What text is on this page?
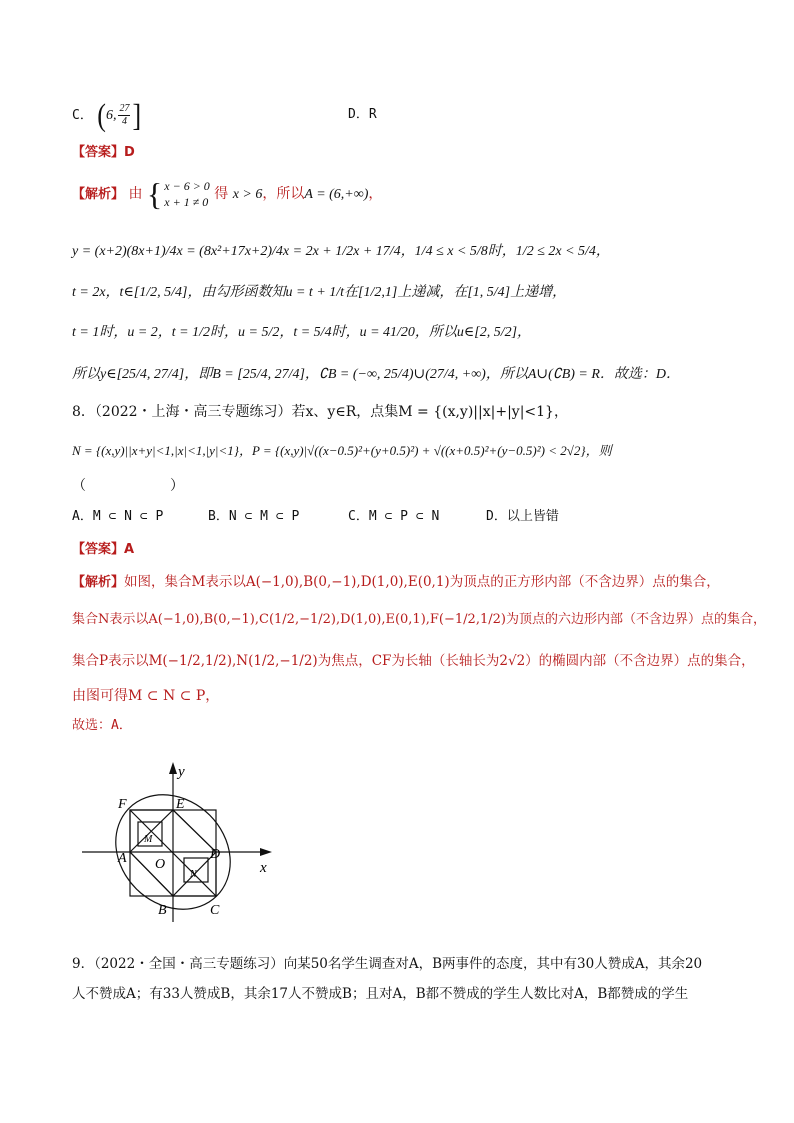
C． (6, $\frac{27}{4}$ ]	D．R
【答案】D
【解析】 由 { x − 6 > 0
x + 1 ≠ 0 得 x > 6，所以A = (6,+∞)，
y = (x+2)(8x+1)/4x = (8x²+17x+2)/4x = 2x + 1/2x + 17/4，1/4 ≤ x < 5/8时，1/2 ≤ 2x < 5/4，
t = 2x，t∈[1/2, 5/4]，由勾形函数知u = t + 1/t在[1/2,1]上递减，在[1, 5/4]上递增，
t = 1时，u = 2，t = 1/2时，u = 5/2，t = 5/4时，u = 41/20，所以u∈[2, 5/2]，
所以y∈[25/4, 27/4]，即B = [25/4, 27/4]，∁B = (−∞, 25/4)∪(27/4, +∞)，所以A∪(∁B) = R．故选：D．
8．（2022・上海・高三专题练习）若x、y∈R，点集M = {(x,y)||x|+|y|<1}，
N = {(x,y)||x+y|<1,|x|<1,|y|<1}，P = {(x,y)|√((x−0.5)²+(y+0.5)²) + √((x+0.5)²+(y−0.5)²) < 2√2}，则
（　　　　　　）
A．M ⊂ N ⊂ P	B．N ⊂ M ⊂ P	C．M ⊂ P ⊂ N	D．以上皆错
【答案】A
【解析】如图，集合M表示以A(−1,0),B(0,−1),D(1,0),E(0,1)为顶点的正方形内部（不含边界）点的集合，
集合N表示以A(−1,0),B(0,−1),C(1/2,−1/2),D(1,0),E(0,1),F(−1/2,1/2)为顶点的六边形内部（不含边界）点的集合，
集合P表示以M(−1/2,1/2),N(1/2,−1/2)为焦点，CF为长轴（长轴长为2√2）的椭圆内部（不含边界）点的集合，
由图可得M ⊂ N ⊂ P，
故选：A．
y
x
O
A
B	C
D
E
F
M
N
9．（2022・全国・高三专题练习）向某50名学生调查对A，B两事件的态度，其中有30人赞成A，其余20
人不赞成A；有33人赞成B，其余17人不赞成B；且对A，B都不赞成的学生人数比对A，B都赞成的学生
